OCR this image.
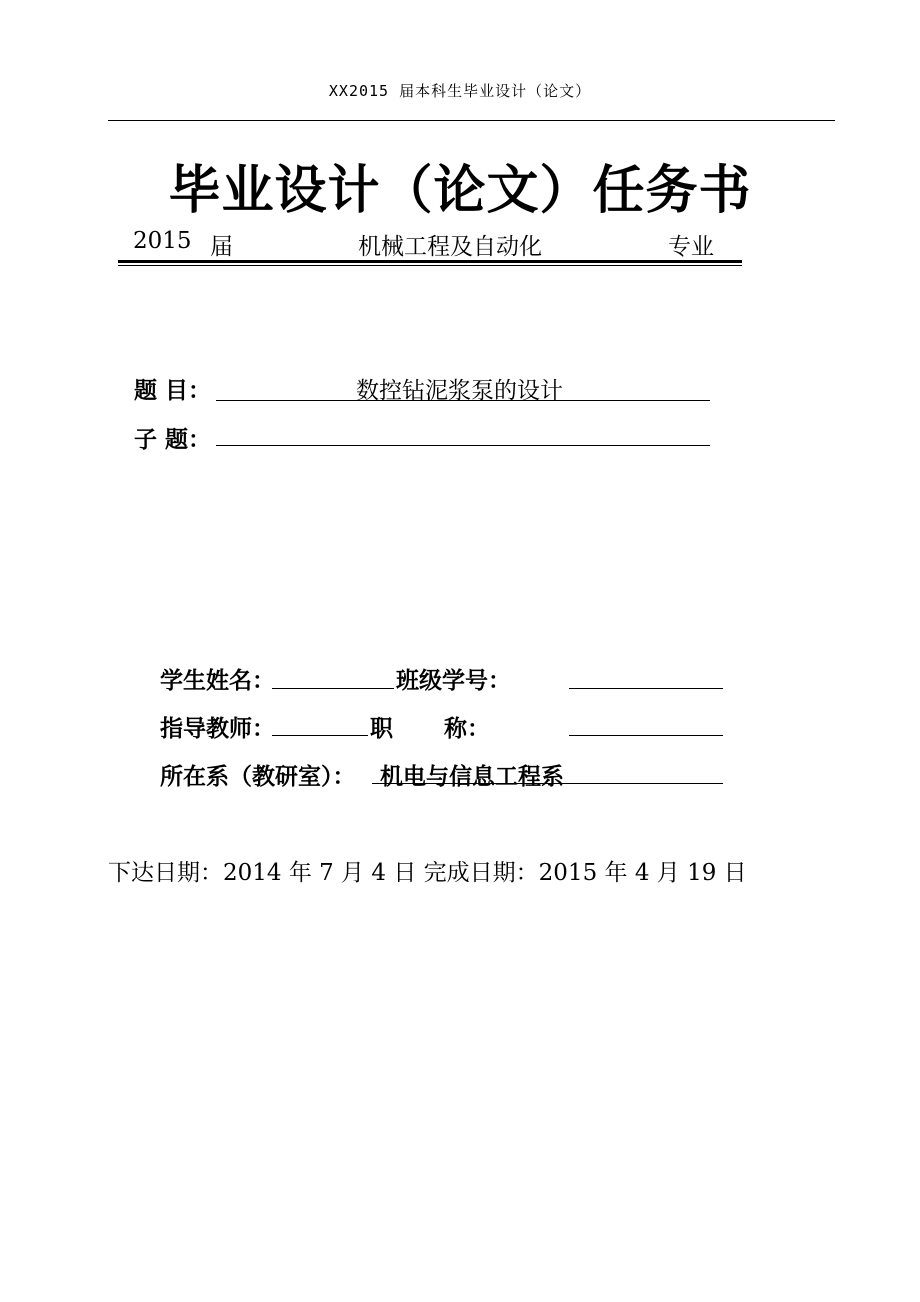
XX2015 届本科生毕业设计（论文）
毕业设计（论文）任务书
2015 届	机械工程及自动化	专业
题 目：	数控钻泥浆泵的设计
子 题：
学生姓名：	班级学号：
指导教师：	职 称：
所在系（教研室）： 机电与信息工程系
下达日期：2014 年 7 月 4 日 完成日期：2015 年 4 月 19 日
